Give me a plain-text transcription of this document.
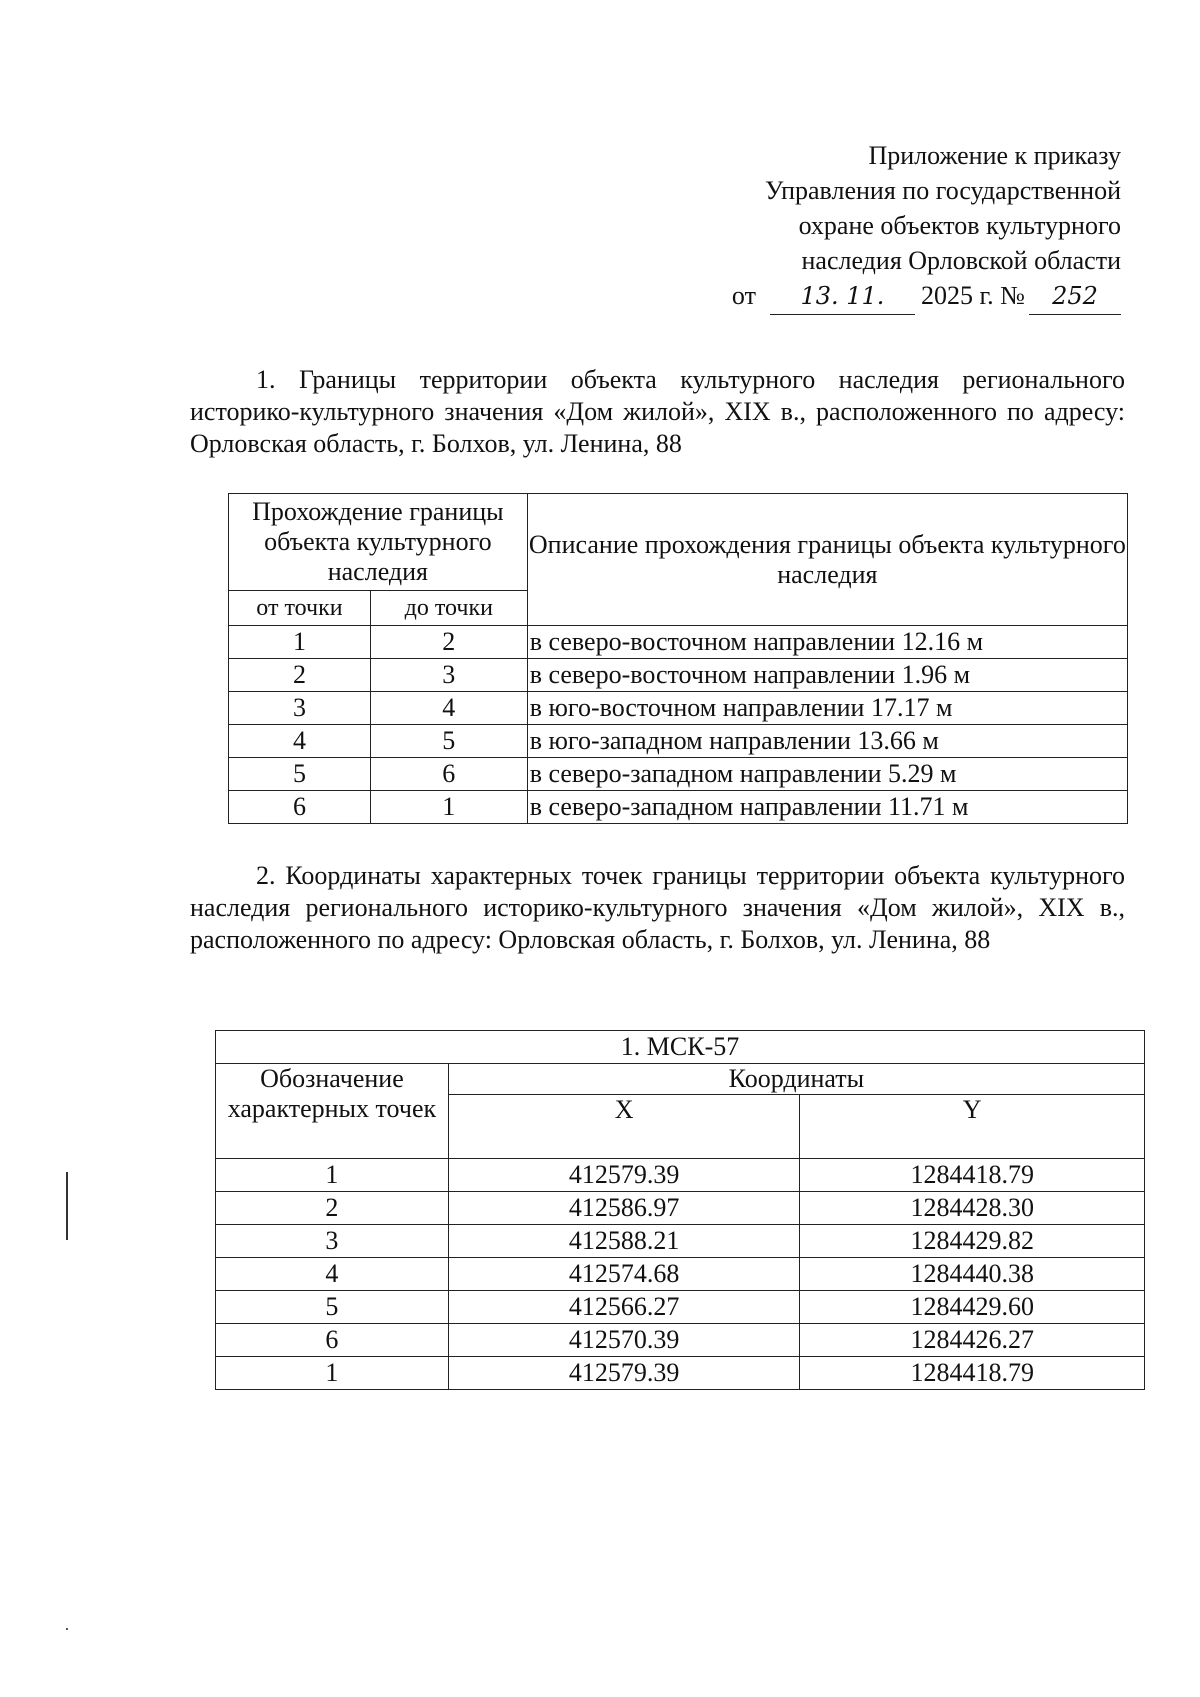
Приложение к приказу
Управления по государственной
охране объектов культурного
наследия Орловской области
от 13. 11. 2025 г. № 252
1. Границы территории объекта культурного наследия регионального историко-культурного значения «Дом жилой», XIX в., расположенного по адресу: Орловская область, г. Болхов, ул. Ленина, 88
Прохождение границы объекта культурного наследия		Описание прохождения границы объекта культурного наследия
от точки	до точки	
1	2	в северо-восточном направлении 12.16 м
2	3	в северо-восточном направлении 1.96 м
3	4	в юго-восточном направлении 17.17 м
4	5	в юго-западном направлении 13.66 м
5	6	в северо-западном направлении 5.29 м
6	1	в северо-западном направлении 11.71 м
2. Координаты характерных точек границы территории объекта культурного наследия регионального историко-культурного значения «Дом жилой», XIX в., расположенного по адресу: Орловская область, г. Болхов, ул. Ленина, 88
1. МСК-57		
Обозначение характерных точек	Координаты	
	X	Y
1	412579.39	1284418.79
2	412586.97	1284428.30
3	412588.21	1284429.82
4	412574.68	1284440.38
5	412566.27	1284429.60
6	412570.39	1284426.27
1	412579.39	1284418.79
